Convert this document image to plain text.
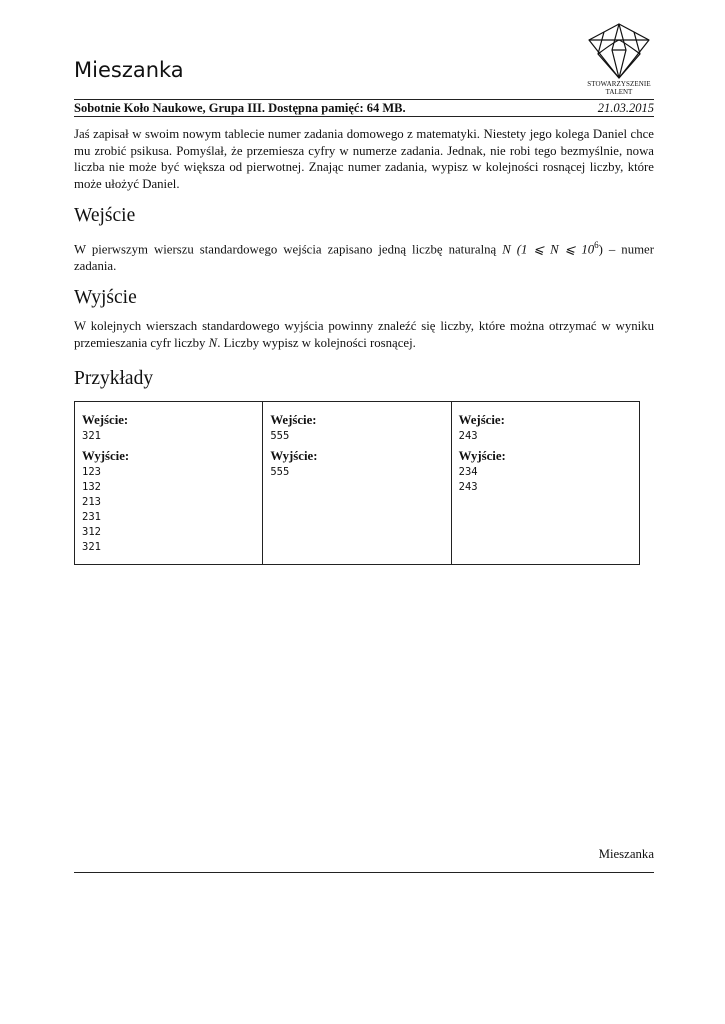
Mieszanka
STOWARZYSZENIE
TALENT
Sobotnie Koło Naukowe, Grupa III. Dostępna pamięć: 64 MB.	21.03.2015
Jaś zapisał w swoim nowym tablecie numer zadania domowego z matematyki. Niestety jego kolega Daniel chce mu zrobić psikusa. Pomyślał, że przemiesza cyfry w numerze zadania. Jednak, nie robi tego bezmyślnie, nowa liczba nie może być większa od pierwotnej. Znając numer zadania, wypisz w kolejności rosnącej liczby, które może ułożyć Daniel.
Wejście
W pierwszym wierszu standardowego wejścia zapisano jedną liczbę naturalną N (1 ⩽ N ⩽ $10^6$) – numer zadania.
Wyjście
W kolejnych wierszach standardowego wyjścia powinny znaleźć się liczby, które można otrzymać w wyniku przemieszania cyfr liczby N. Liczby wypisz w kolejności rosnącej.
Przykłady
Wejście:
321
Wyjście:
123
132
213
231
312
321
Wejście:
555
Wyjście:
555
Wejście:
243
Wyjście:
234
243
Mieszanka
